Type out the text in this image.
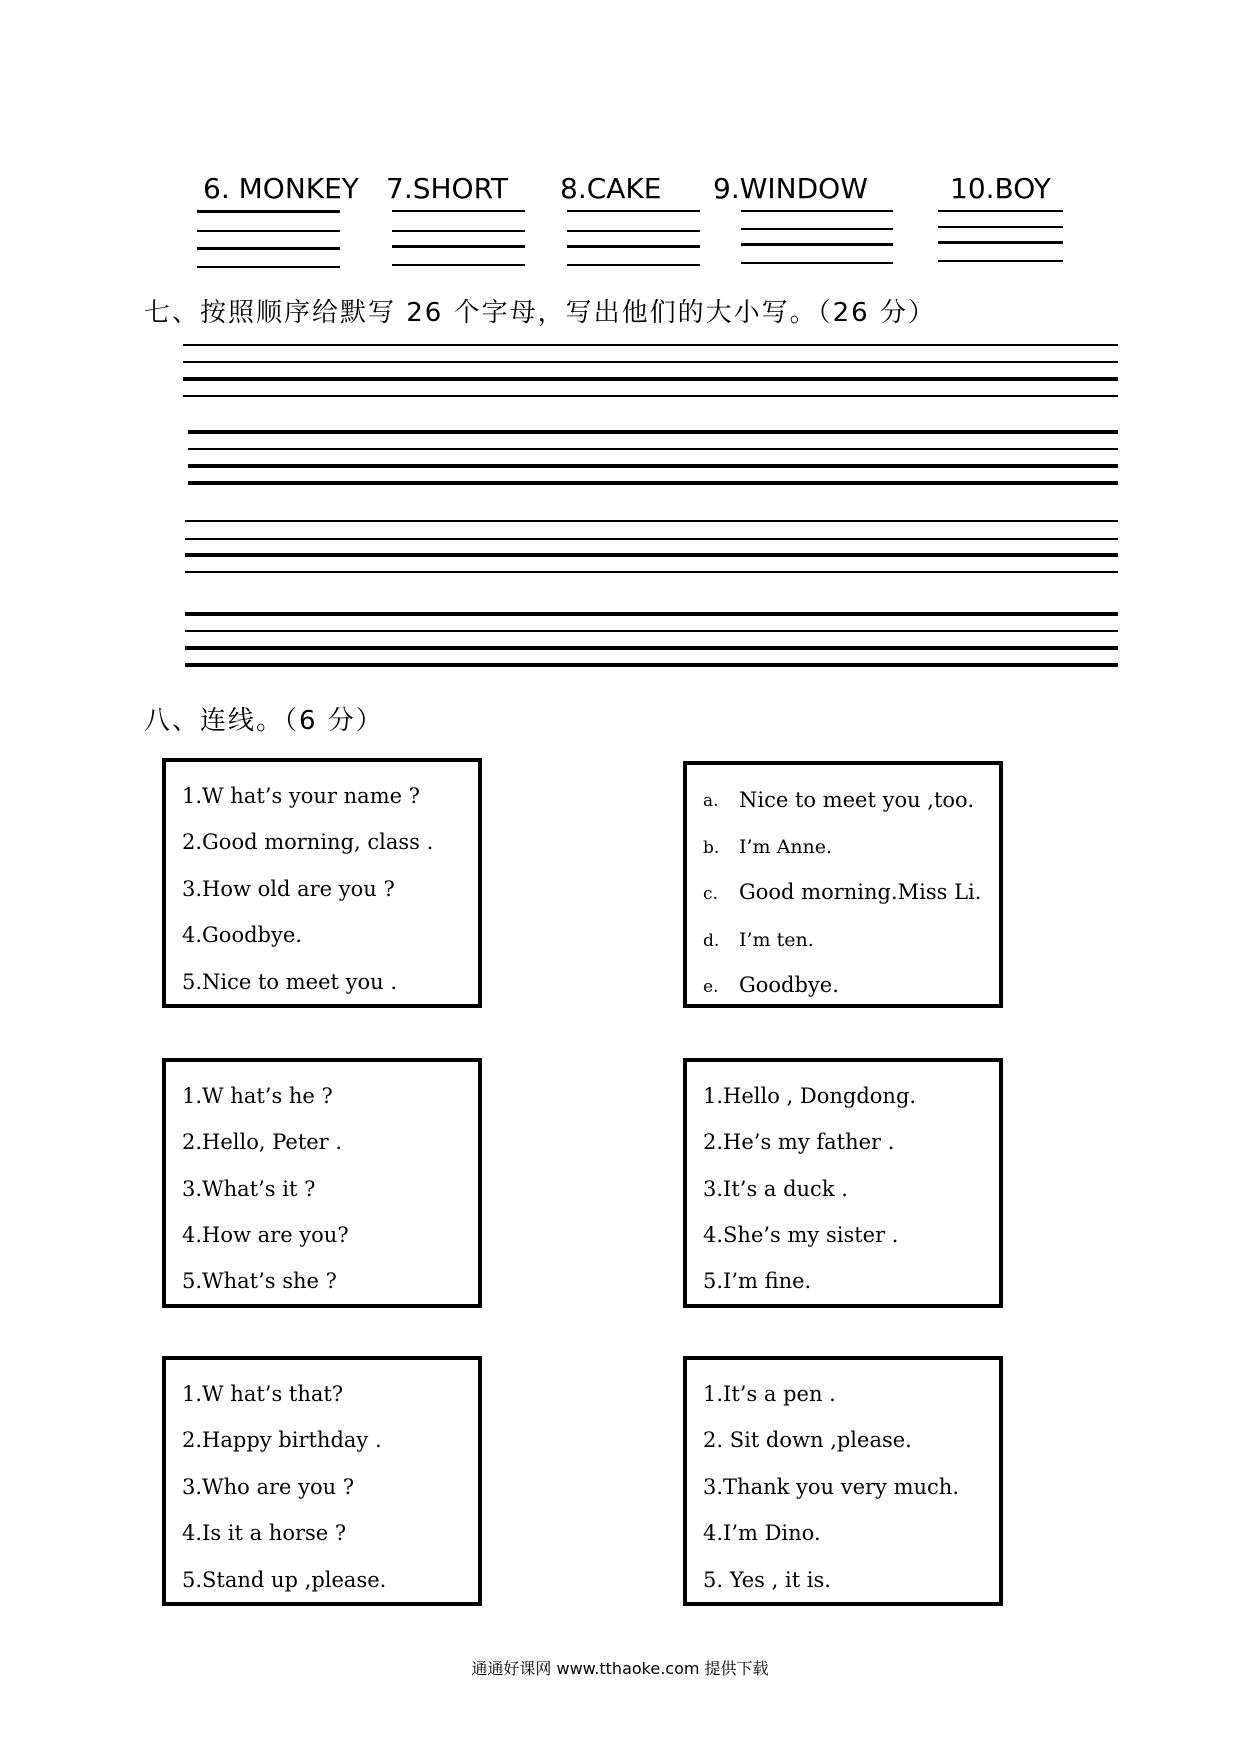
6. MONKEY 7.SHORT 8.CAKE 9.WINDOW	10.BOY
七、按照顺序给默写 26 个字母，写出他们的大小写。（26 分）
八、连线。（6 分）
1.W hat’s your name ?
2.Good morning, class .
3.How old are you ?
4.Goodbye.
5.Nice to meet you .
a. Nice to meet you ,too.
b. I’m Anne.
c. Good morning.Miss Li.
d. I’m ten.
e. Goodbye.
1.W hat’s he ?
2.Hello, Peter .
3.What’s it ?
4.How are you?
5.What’s she ?
1.Hello , Dongdong.
2.He’s my father .
3.It’s a duck .
4.She’s my sister .
5.I’m fine.
1.W hat’s that?
2.Happy birthday .
3.Who are you ?
4.Is it a horse ?
5.Stand up ,please.
1.It’s a pen .
2. Sit down ,please.
3.Thank you very much.
4.I’m Dino.
5. Yes , it is.
通通好课网 www.tthaoke.com 提供下载
